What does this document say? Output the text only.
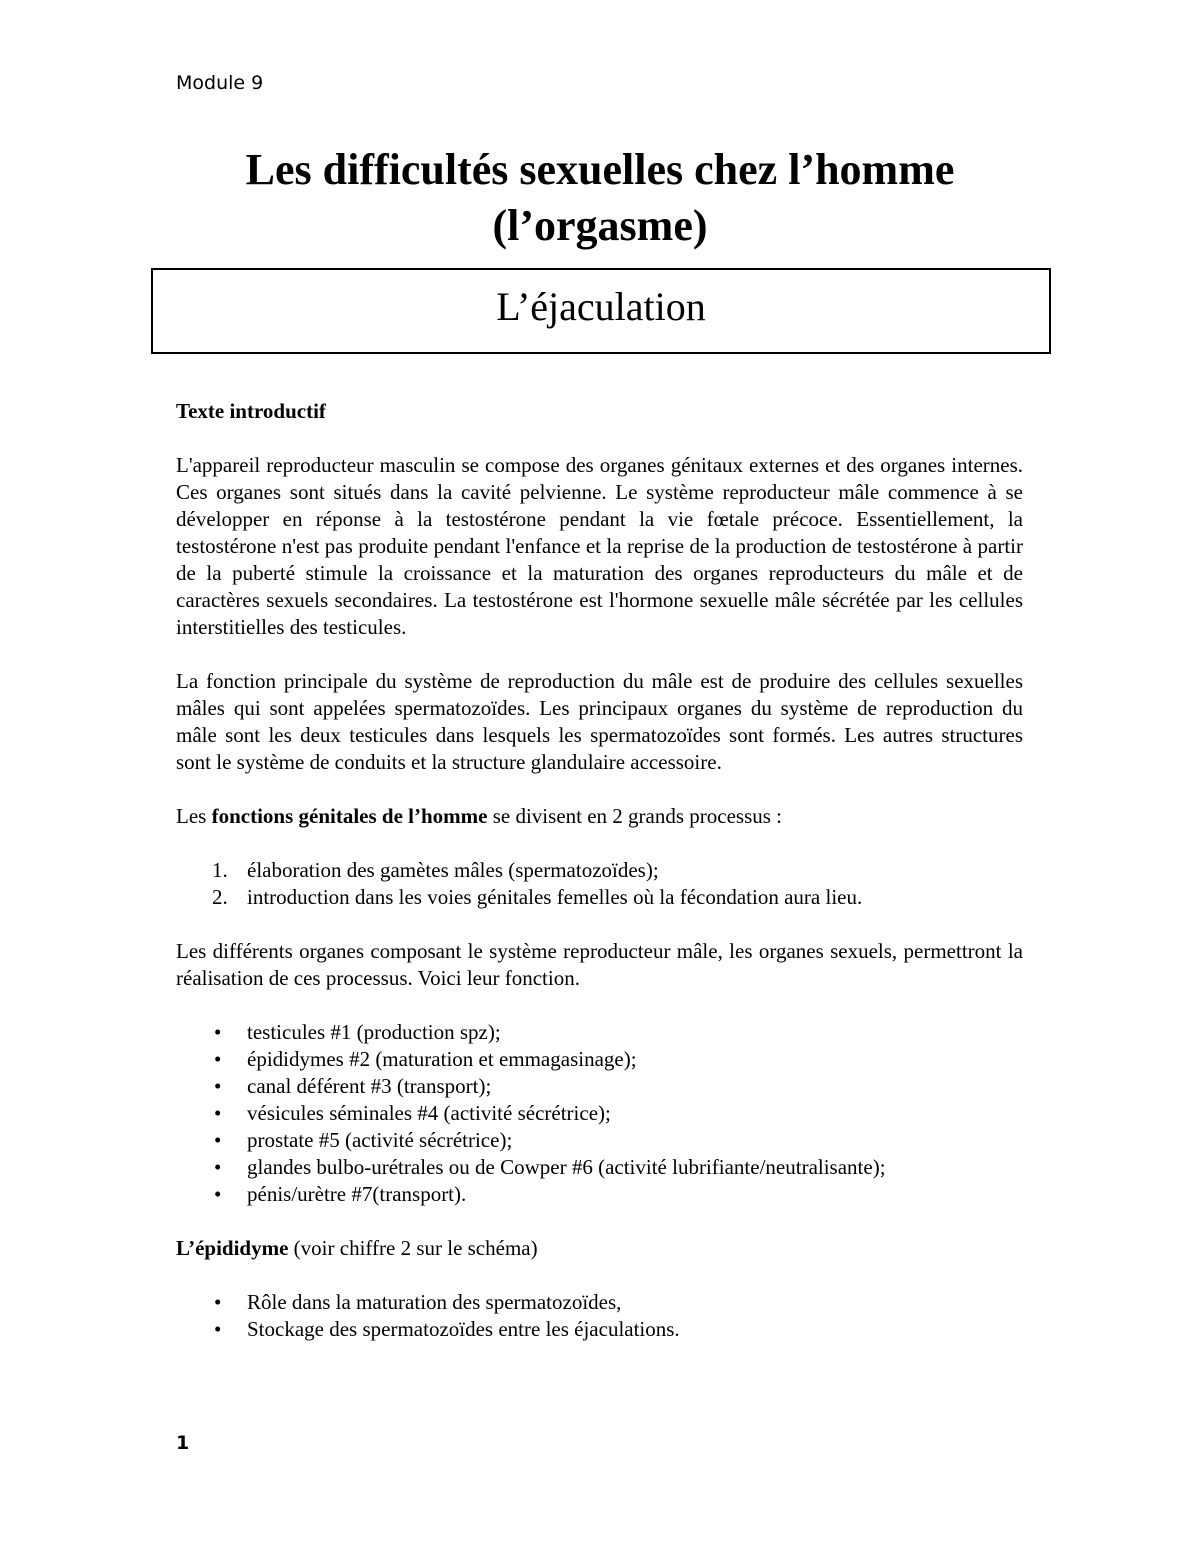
Module 9
Les difficultés sexuelles chez l’homme
(l’orgasme)
L’éjaculation

Texte introductif

L'appareil reproducteur masculin se compose des organes génitaux externes et des organes internes. Ces organes sont situés dans la cavité pelvienne. Le système reproducteur mâle commence à se développer en réponse à la testostérone pendant la vie fœtale précoce. Essentiellement, la testostérone n'est pas produite pendant l'enfance et la reprise de la production de testostérone à partir de la puberté stimule la croissance et la maturation des organes reproducteurs du mâle et de caractères sexuels secondaires. La testostérone est l'hormone sexuelle mâle sécrétée par les cellules interstitielles des testicules.

La fonction principale du système de reproduction du mâle est de produire des cellules sexuelles mâles qui sont appelées spermatozoïdes. Les principaux organes du système de reproduction du mâle sont les deux testicules dans lesquels les spermatozoïdes sont formés. Les autres structures sont le système de conduits et la structure glandulaire accessoire.

Les fonctions génitales de l’homme se divisent en 2 grands processus :

1. élaboration des gamètes mâles (spermatozoïdes);
2. introduction dans les voies génitales femelles où la fécondation aura lieu.

Les différents organes composant le système reproducteur mâle, les organes sexuels, permettront la réalisation de ces processus. Voici leur fonction.

• testicules #1 (production spz);
• épididymes #2 (maturation et emmagasinage);
• canal déférent #3 (transport);
• vésicules séminales #4 (activité sécrétrice);
• prostate #5 (activité sécrétrice);
• glandes bulbo-urétrales ou de Cowper #6 (activité lubrifiante/neutralisante);
• pénis/urètre #7(transport).

L’épididyme (voir chiffre 2 sur le schéma)

• Rôle dans la maturation des spermatozoïdes,
• Stockage des spermatozoïdes entre les éjaculations.
1
